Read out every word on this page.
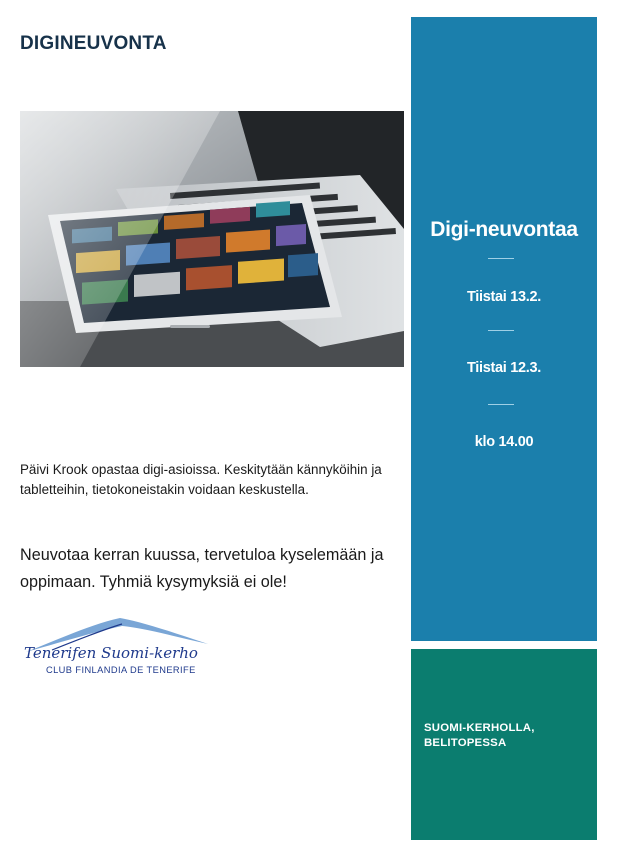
DIGINEUVONTA

Päivi Krook opastaa digi-asioissa. Keskitytään kännyköihin ja tabletteihin, tietokoneistakin voidaan keskustella.

Neuvotaa kerran kuussa, tervetuloa kyselemään ja oppimaan. Tyhmiä kysymyksiä ei ole!

Tenerifen Suomi-kerho
CLUB FINLANDIA DE TENERIFE
Digi-neuvontaa
Tiistai 13.2.
Tiistai 12.3.
klo 14.00
SUOMI-KERHOLLA, BELITOPESSA
